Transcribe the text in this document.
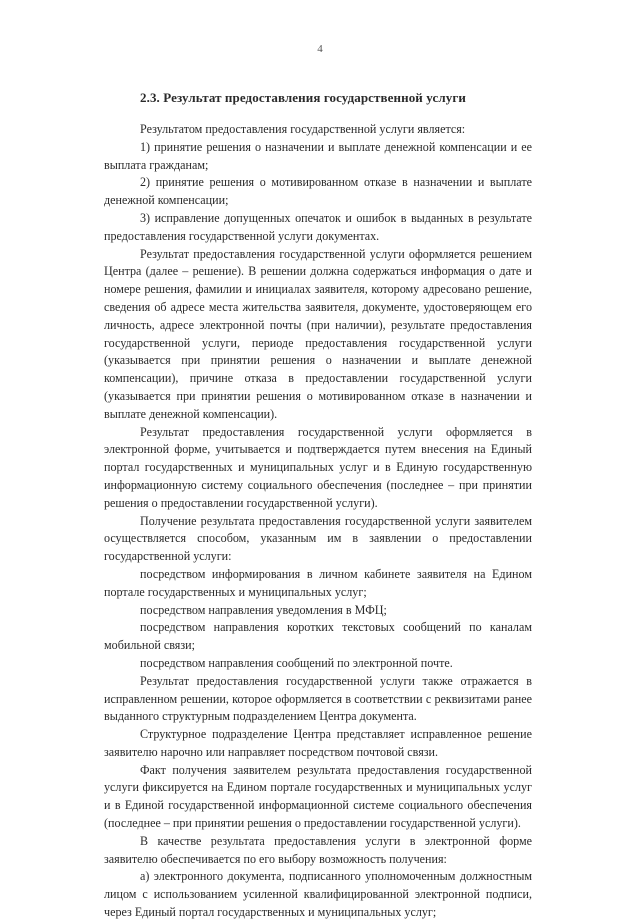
4
2.3. Результат предоставления государственной услуги

Результатом предоставления государственной услуги является:

1) принятие решения о назначении и выплате денежной компенсации и ее выплата гражданам;

2) принятие решения о мотивированном отказе в назначении и выплате денежной компенсации;

3) исправление допущенных опечаток и ошибок в выданных в результате предоставления государственной услуги документах.

Результат предоставления государственной услуги оформляется решением Центра (далее – решение). В решении должна содержаться информация о дате и номере решения, фамилии и инициалах заявителя, которому адресовано решение, сведения об адресе места жительства заявителя, документе, удостоверяющем его личность, адресе электронной почты (при наличии), результате предоставления государственной услуги, периоде предоставления государственной услуги (указывается при принятии решения о назначении и выплате денежной компенсации), причине отказа в предоставлении государственной услуги (указывается при принятии решения о мотивированном отказе в назначении и выплате денежной компенсации).

Результат предоставления государственной услуги оформляется в электронной форме, учитывается и подтверждается путем внесения на Единый портал государственных и муниципальных услуг и в Единую государственную информационную систему социального обеспечения (последнее – при принятии решения о предоставлении государственной услуги).

Получение результата предоставления государственной услуги заявителем осуществляется способом, указанным им в заявлении о предоставлении государственной услуги:

посредством информирования в личном кабинете заявителя на Едином портале государственных и муниципальных услуг;

посредством направления уведомления в МФЦ;

посредством направления коротких текстовых сообщений по каналам мобильной связи;

посредством направления сообщений по электронной почте.

Результат предоставления государственной услуги также отражается в исправленном решении, которое оформляется в соответствии с реквизитами ранее выданного структурным подразделением Центра документа.

Структурное подразделение Центра представляет исправленное решение заявителю нарочно или направляет посредством почтовой связи.

Факт получения заявителем результата предоставления государственной услуги фиксируется на Едином портале государственных и муниципальных услуг и в Единой государственной информационной системе социального обеспечения (последнее – при принятии решения о предоставлении государственной услуги).

В качестве результата предоставления услуги в электронной форме заявителю обеспечивается по его выбору возможность получения:

а) электронного документа, подписанного уполномоченным должностным лицом с использованием усиленной квалифицированной электронной подписи, через Единый портал государственных и муниципальных услуг;
